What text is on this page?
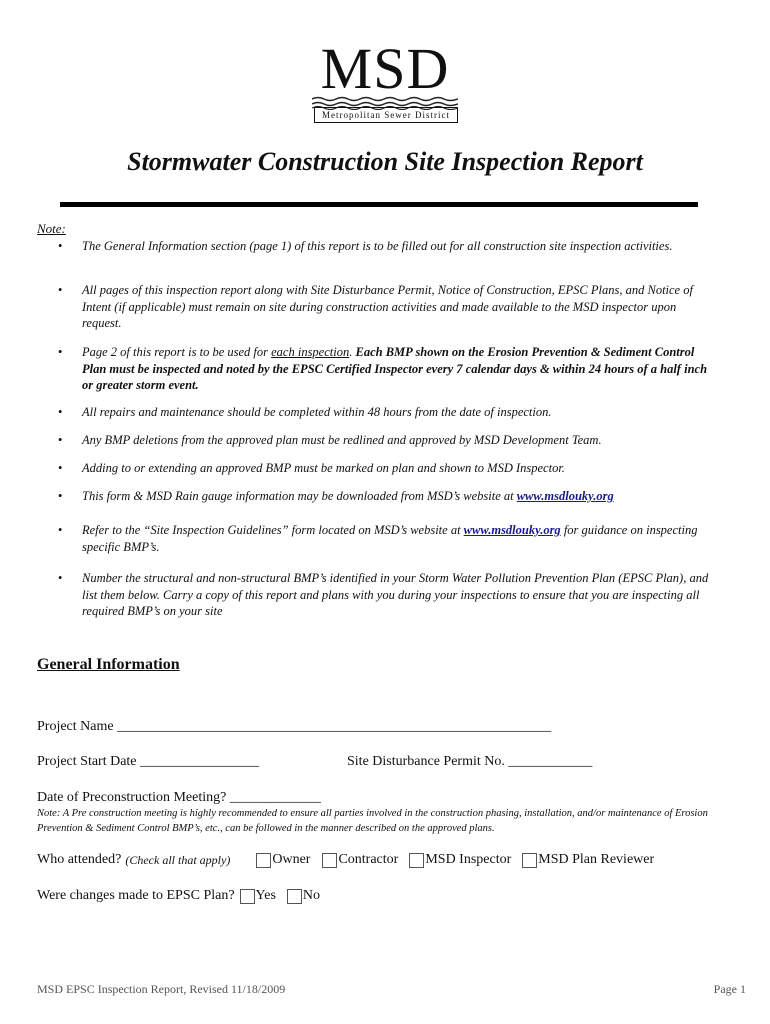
MSD
Metropolitan Sewer District
Stormwater Construction Site Inspection Report
Note:
• The General Information section (page 1) of this report is to be filled out for all construction site inspection activities.
• All pages of this inspection report along with Site Disturbance Permit, Notice of Construction, EPSC Plans, and Notice of Intent (if applicable) must remain on site during construction activities and made available to the MSD inspector upon request.
• Page 2 of this report is to be used for each inspection. Each BMP shown on the Erosion Prevention & Sediment Control Plan must be inspected and noted by the EPSC Certified Inspector every 7 calendar days & within 24 hours of a half inch or greater storm event.
• All repairs and maintenance should be completed within 48 hours from the date of inspection.
• Any BMP deletions from the approved plan must be redlined and approved by MSD Development Team.
• Adding to or extending an approved BMP must be marked on plan and shown to MSD Inspector.
• This form & MSD Rain gauge information may be downloaded from MSD’s website at www.msdlouky.org
• Refer to the “Site Inspection Guidelines” form located on MSD’s website at www.msdlouky.org for guidance on inspecting specific BMP’s.
• Number the structural and non-structural BMP’s identified in your Storm Water Pollution Prevention Plan (EPSC Plan), and list them below. Carry a copy of this report and plans with you during your inspections to ensure that you are inspecting all required BMP’s on your site
General Information
Project Name ______________________________________________________________
Project Start Date _________________	Site Disturbance Permit No. ____________
Date of Preconstruction Meeting? _____________
Note: A Pre construction meeting is highly recommended to ensure all parties involved in the construction phasing, installation, and/or maintenance of Erosion Prevention & Sediment Control BMP’s, etc., can be followed in the manner described on the approved plans.
Who attended? (Check all that apply)	Owner Contractor MSD Inspector MSD Plan Reviewer
Were changes made to EPSC Plan? Yes No
MSD EPSC Inspection Report, Revised 11/18/2009	Page 1
